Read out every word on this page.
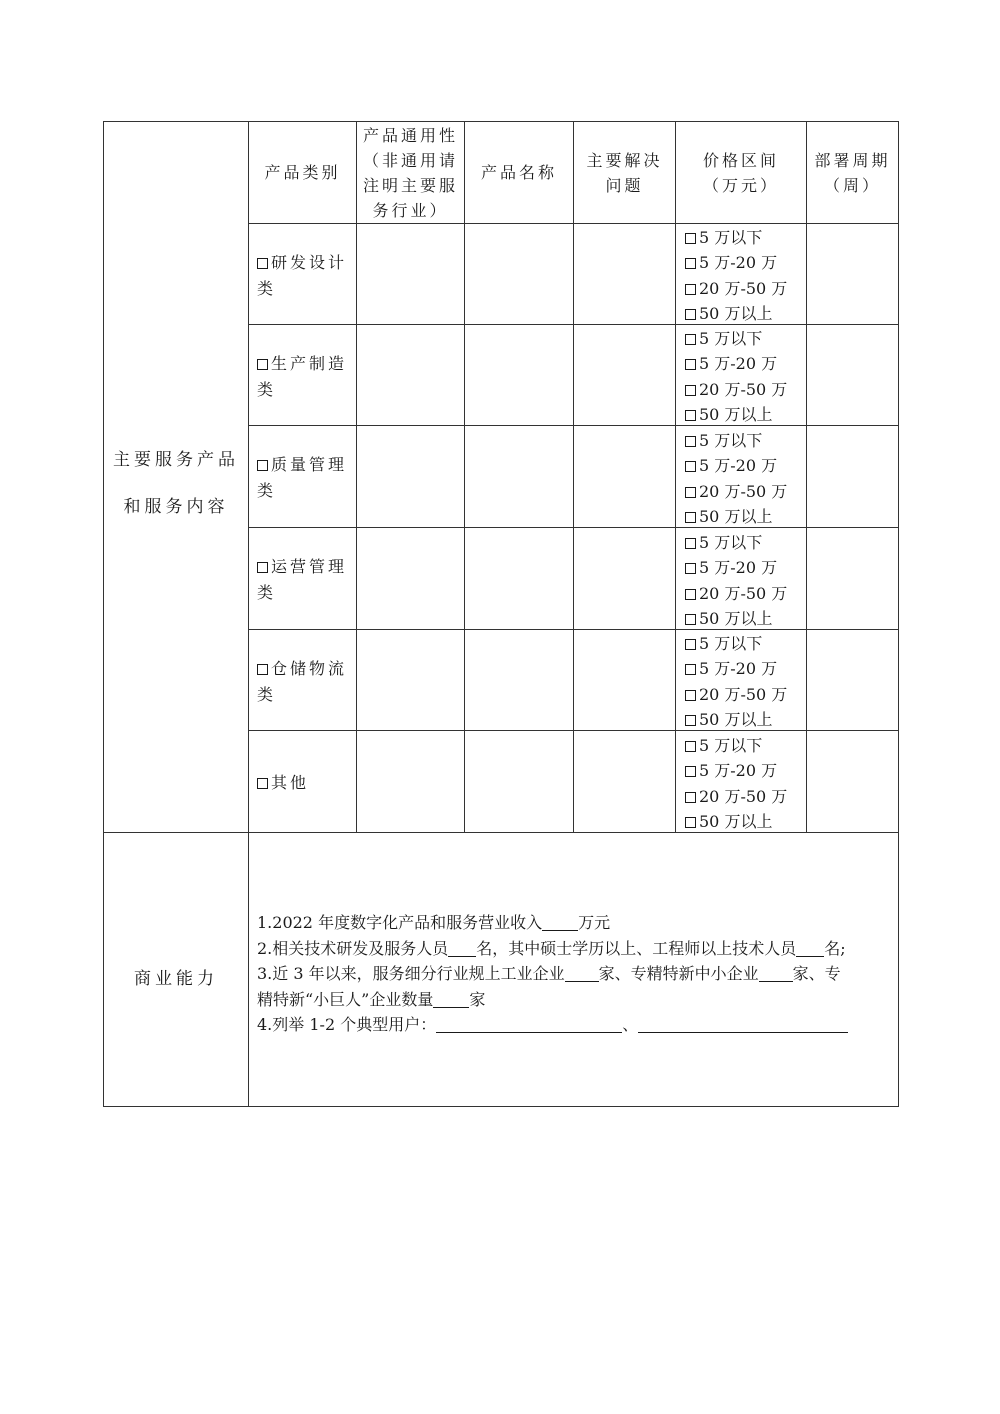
主要服务产品
和服务内容
产品类别
产品通用性
（非通用请
注明主要服
务行业）
产品名称
主要解决
问题
价格区间
（万元）
部署周期
（周）
研发设计
类
5 万以下
5 万-20 万
20 万-50 万
50 万以上
生产制造
类
5 万以下
5 万-20 万
20 万-50 万
50 万以上
质量管理
类
5 万以下
5 万-20 万
20 万-50 万
50 万以上
运营管理
类
5 万以下
5 万-20 万
20 万-50 万
50 万以上
仓储物流
类
5 万以下
5 万-20 万
20 万-50 万
50 万以上
其他
5 万以下
5 万-20 万
20 万-50 万
50 万以上
商业能力
1.2022 年度数字化产品和服务营业收入 万元
2.相关技术研发及服务人员 名，其中硕士学历以上、工程师以上技术人员 名;
3.近 3 年以来，服务细分行业规上工业企业 家、专精特新中小企业 家、专
精特新“小巨人”企业数量 家
4.列举 1-2 个典型用户：	、
